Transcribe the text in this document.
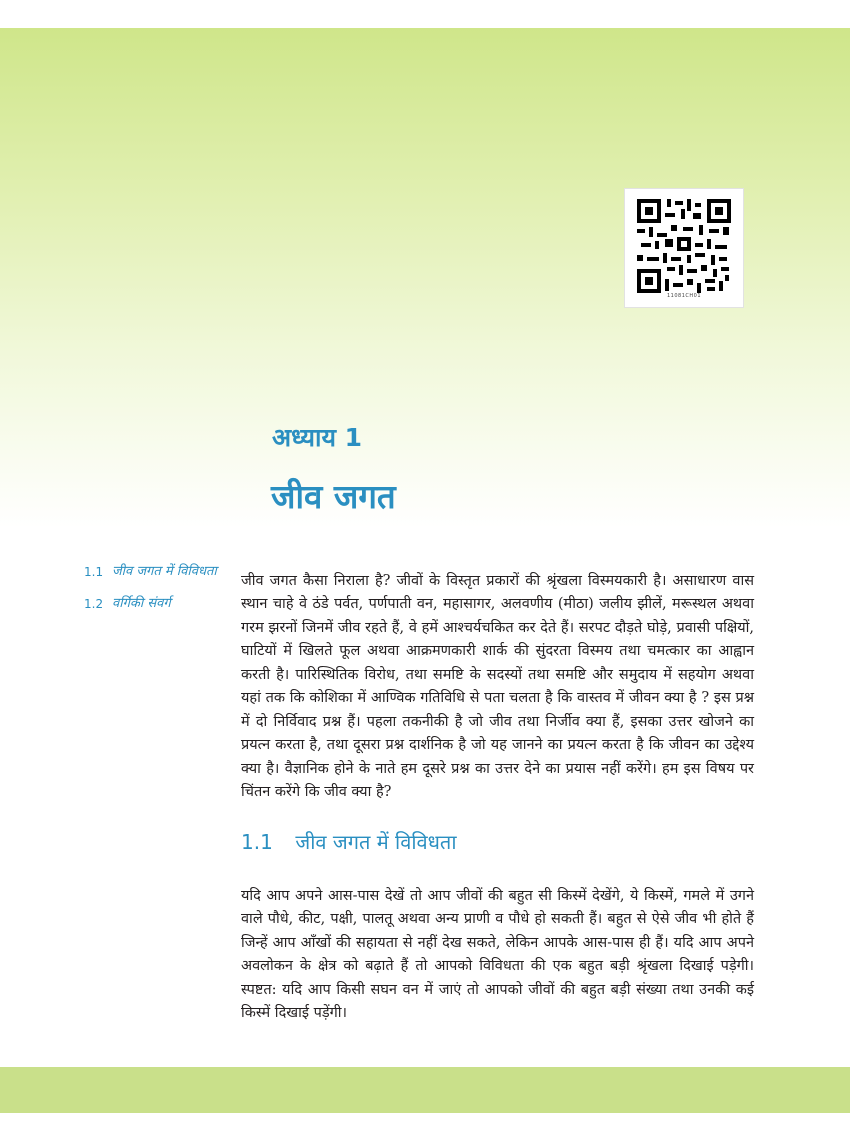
11081CH01
अध्याय 1
जीव जगत
1.1 जीव जगत में विविधता
1.2 वर्गिकी संवर्ग

जीव जगत कैसा निराला है? जीवों के विस्तृत प्रकारों की श्रृंखला विस्मयकारी है। असाधारण वास स्थान चाहे वे ठंडे पर्वत, पर्णपाती वन, महासागर, अलवणीय (मीठा) जलीय झीलें, मरूस्थल अथवा गरम झरनों जिनमें जीव रहते हैं, वे हमें आश्चर्यचकित कर देते हैं। सरपट दौड़ते घोड़े, प्रवासी पक्षियों, घाटियों में खिलते फूल अथवा आक्रमणकारी शार्क की सुंदरता विस्मय तथा चमत्कार का आह्वान करती है। पारिस्थितिक विरोध, तथा समष्टि के सदस्यों तथा समष्टि और समुदाय में सहयोग अथवा यहां तक कि कोशिका में आण्विक गतिविधि से पता चलता है कि वास्तव में जीवन क्या है ? इस प्रश्न में दो निर्विवाद प्रश्न हैं। पहला तकनीकी है जो जीव तथा निर्जीव क्या हैं, इसका उत्तर खोजने का प्रयत्न करता है, तथा दूसरा प्रश्न दार्शनिक है जो यह जानने का प्रयत्न करता है कि जीवन का उद्देश्य क्या है। वैज्ञानिक होने के नाते हम दूसरे प्रश्न का उत्तर देने का प्रयास नहीं करेंगे। हम इस विषय पर चिंतन करेंगे कि जीव क्या है?

1.1 जीव जगत में विविधता

यदि आप अपने आस-पास देखें तो आप जीवों की बहुत सी किस्में देखेंगे, ये किस्में, गमले में उगने वाले पौधे, कीट, पक्षी, पालतू अथवा अन्य प्राणी व पौधे हो सकती हैं। बहुत से ऐसे जीव भी होते हैं जिन्हें आप आँखों की सहायता से नहीं देख सकते, लेकिन आपके आस-पास ही हैं। यदि आप अपने अवलोकन के क्षेत्र को बढ़ाते हैं तो आपको विविधता की एक बहुत बड़ी श्रृंखला दिखाई पड़ेगी। स्पष्टत: यदि आप किसी सघन वन में जाएं तो आपको जीवों की बहुत बड़ी संख्या तथा उनकी कई किस्में दिखाई पड़ेंगी।
